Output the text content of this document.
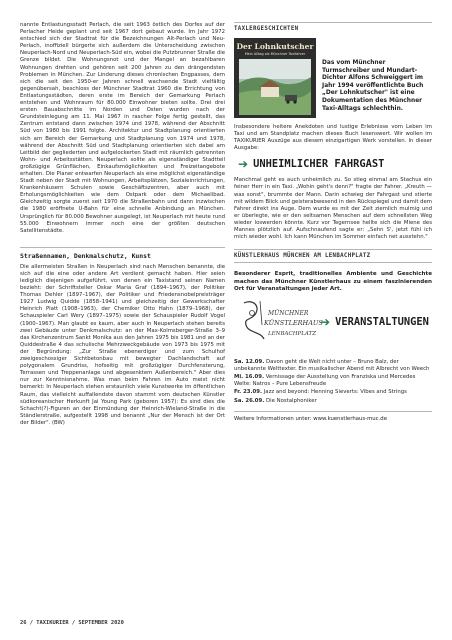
nannte Entlastungsstadt Perlach, die seit 1963 östlich des Dorfes auf der Perlacher Heide geplant und seit 1967 dort gebaut wurde. Im Jahr 1972 entschied sich der Stadtrat für die Bezeichnungen Alt-Perlach und Neu-Perlach, inoffiziell bürgerte sich außerdem die Unterscheidung zwischen Neuperlach-Nord und Neuperlach-Süd ein, wobei die Putzbrunner Straße die Grenze bildet. Die Wohnungsnot und der Mangel an bezahlbaren Wohnungen drehten und gehören seit 200 Jahren zu den drängendsten Problemen in München. Zur Linderung dieses chronischen Engpasses, dem sich die seit den 1950-er Jahren schnell wachsende Stadt vielfältig gegenübersah, beschloss der Münchner Stadtrat 1960 die Errichtung von Entlastungsstädten, deren erste im Bereich der Gemarkung Perlach entstehen und Wohnraum für 80.000 Einwohner bieten sollte. Drei drei ersten Bauabschnitte im Norden und Osten wurden nach der Grundsteinlegung am 11. Mai 1967 in rascher Folge fertig gestellt, das Zentrum entstand dann zwischen 1974 und 1978, während der Abschnitt Süd von 1980 bis 1991 folgte. Architektur und Stadtplanung orientierten sich am Bereich der Gemarkung und Stadtplanung von 1974 und 1978, während der Abschnitt Süd und Stadtplanung orientierten sich dabei am Leitbild der gegliederten und aufgelockerten Stadt mit räumlich getrennten Wohn- und Arbeitsstätten. Neuperlach sollte als eigenständiger Stadtteil großzügige Grünflächen, Einkaufsmöglichkeiten und Freizeitangebote erhalten. Die Planer entwarfen Neuperlach als eine möglichst eigenständige Stadt neben der Stadt mit Wohnungen, Arbeitsplätzen, Sozialeinrichtungen, Krankenhäusern Schulen sowie Geschäftszentren, aber auch mit Erholungsmöglichkeiten wie dem Ostpark oder dem Michaelibad. Gleichzeitig sorgte zuerst seit 1970 die Straßenbahn und dann inzwischen die 1980 eröffnete U-Bahn für eine schnelle Anbindung an München. Ursprünglich für 80.000 Bewohner ausgelegt, ist Neuperlach mit heute rund 55.000 Einwohnern immer noch eine der größten deutschen Satellitenstädte.

Straßennamen, Denkmalschutz, Kunst

Die allermeisten Straßen in Neuperlach sind nach Menschen benannte, die sich auf die eine oder andere Art verdient gemacht haben. Hier seien lediglich diejenigen aufgeführt, von denen ein Taxistand seinen Namen bezieht: der Schriftsteller Oskar Maria Graf (1894–1967), der Politiker Thomas Dehler (1897–1967), der Politiker und Friedensnobelpreisträger 1927 Ludwig Quidde (1858–1941) und gleichzeitig der Gewerkschafter Heinrich Platt (1908–1963), der Chemiker Otto Hahn (1879–1968), der Schauspieler Carl Wery (1897–1975) sowie der Schauspieler Rudolf Vogel (1900–1967). Man glaubt es kaum, aber auch in Neuperlach stehen bereits zwei Gebäude unter Denkmalschutz: an der Max-Kolmsberger-Straße 3–9 das Kirchenzentrum Sankt Monika aus den Jahren 1975 bis 1981 und an der Quiddestraße 4 das schulische Mehrzweckgebäude von 1973 bis 1975 mit der Begründung: „Zur Straße ebenerdiger und zum Schulhof zweigeschossiger Sichtbetonbau mit bewegter Dachlandschaft auf polygonalem Grundriss, hofseitig mit großzügiger Durchfensterung, Terrassen und Treppenanlage und abgesenktem Außenbereich." Aber dies nur zur Kenntnisnahme. Was man beim Fahren im Auto meist nicht bemerkt: In Neuperlach stehen erstaunlich viele Kunstwerke im öffentlichen Raum, das vielleicht auffallendste davon stammt vom deutschen Künstler südkoreanischer Herkunft Jai Young Park (geboren 1957): Es sind dies die Schacht(?)-Figuren an der Einmündung der Heinrich-Wieland-Straße in die Ständlerstraße, aufgestellt 1998 und benannt „Nur der Mensch ist der Ort der Bilder". (BW)

TAXLERGESCHICHTEN
Der Lohnkutscher
Mein Alltag als Münchner Taxifahrer
Das vom Münchner Turmschreiber und Mundart-Dichter Alfons Schweiggert im Jahr 1994 veröffentlichte Buch „Der Lohnkutscher" ist eine Dokumentation des Münchner Taxi-Alltags schlechthin.

Insbesondere heitere Anekdoten und lustige Erlebnisse vom Leben im Taxi und am Standplatz machen dieses Buch lesenswert. Wir wollen im TAXIKURIER Auszüge aus diesem einzigartigen Werk vorstellen. In dieser Ausgabe:

➔ UNHEIMLICHER FAHRGAST

Manchmal geht es auch unheimlich zu. So stieg einmal am Stachus ein feiner Herr in ein Taxi. „Wohin geht's denn?" fragte der Fahrer. „Kreuth — was sonst", brummte der Mann. Darin schwieg der Fahrgast und stierte mit wildem Blick und geisterabwesend in den Rückspiegel und damit dem Fahrer direkt ins Auge. Dem wurde es mit der Zeit ziemlich mulmig und er überlegte, wie er den seltsamen Menschen auf dem schnellsten Weg wieder loswerden könnte. Kurz vor Tegernsee hellte sich die Miene des Mannes plötzlich auf. Aufschnaufend sagte er: „Sehn S', jetzt fühl ich mich wieder wohl. Ich kann München im Sommer einfach net ausstehn."

KÜNSTLERHAUS MÜNCHEN AM LENBACHPLATZ

Besonderer Esprit, traditionelles Ambiente und Geschichte machen das Münchner Künstlerhaus zu einem faszinierenden Ort für Veranstaltungen jeder Art.

MÜNCHNER
KÜNSTLERHAUS
LENBACHPLATZ
➔ VERANSTALTUNGEN

Sa. 12.09. Davon geht die Welt nicht unter – Bruno Balz, der unbekannte Welttexter. Ein musikalischer Abend mit Albrecht von Weech

Mi. 16.09. Vernissage der Ausstellung von Franziska und Mercedes Welte: Natros – Pure Lebensfreude

Fr. 23.09. Jazz and beyond: Henning Sieverts: Vibes and Strings

Sa. 26.09. Die Nostalphoniker

Weitere Informationen unter: www.kuenstlerhaus-muc.de

26 / TAXIKURIER / SEPTEMBER 2020
